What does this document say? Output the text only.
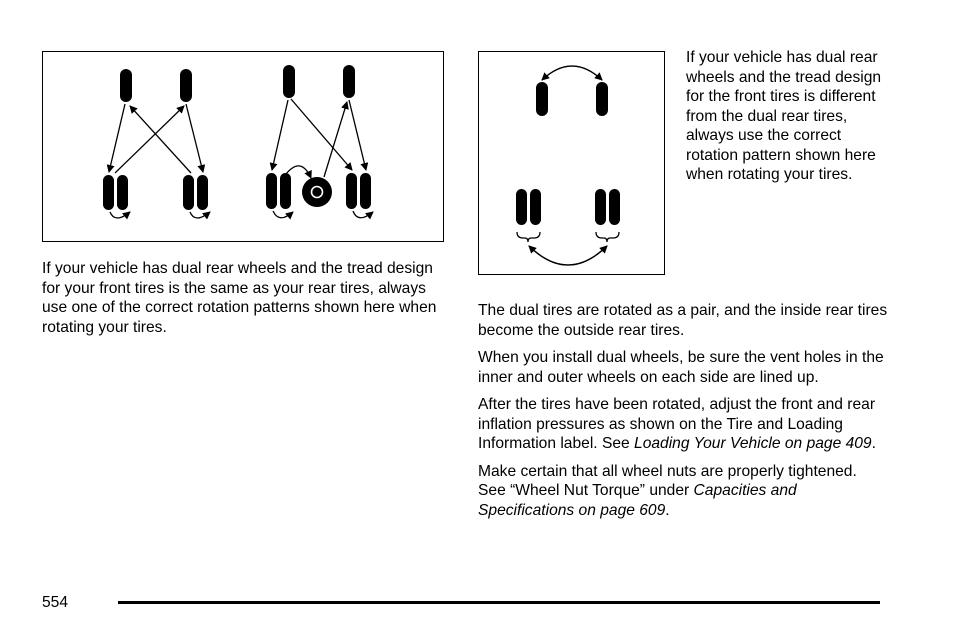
If your vehicle has dual rear wheels and the tread design for your front tires is the same as your rear tires, always use one of the correct rotation patterns shown here when rotating your tires.

If your vehicle has dual rear wheels and the tread design for the front tires is different from the dual rear tires, always use the correct rotation pattern shown here when rotating your tires.

The dual tires are rotated as a pair, and the inside rear tires become the outside rear tires.

When you install dual wheels, be sure the vent holes in the inner and outer wheels on each side are lined up.

After the tires have been rotated, adjust the front and rear inflation pressures as shown on the Tire and Loading Information label. See Loading Your Vehicle on page 409.

Make certain that all wheel nuts are properly tightened. See “Wheel Nut Torque” under Capacities and Specifications on page 609.

554
